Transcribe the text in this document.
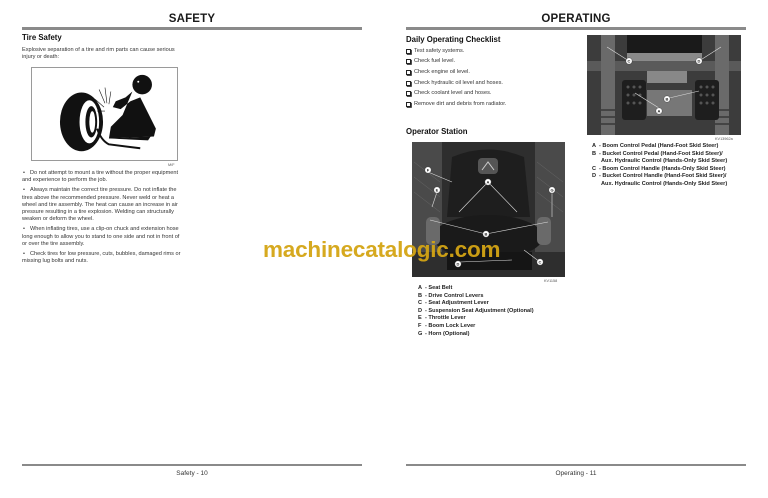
SAFETY
Tire Safety

Explosive separation of a tire and rim parts can cause serious injury or death:

M/F
• Do not attempt to mount a tire without the proper equipment and experience to perform the job.
• Always maintain the correct tire pressure. Do not inflate the tires above the recommended pressure. Never weld or heat a wheel and tire assembly. The heat can cause an increase in air pressure resulting in a tire explosion. Welding can structurally weaken or deform the wheel.
• When inflating tires, use a clip-on chuck and extension hose long enough to allow you to stand to one side and not in front of or over the tire assembly.
• Check tires for low pressure, cuts, bubbles, damaged rims or missing lug bolts and nuts.
Safety - 10
OPERATING
Daily Operating Checklist
Test safety systems.
Check fuel level.
Check engine oil level.
Check hydraulic oil level and hoses.
Check coolant level and hoses.
Remove dirt and debris from radiator.
Operator Station
A
B
C
D
E
F
G
KV1158
A - Seat Belt
B - Drive Control Levers
C - Seat Adjustment Lever
D - Suspension Seat Adjustment (Optional)
E - Throttle Lever
F - Boom Lock Lever
G - Horn (Optional)
A
B
C	D
KV13962a
A - Boom Control Pedal (Hand-Foot Skid Steer)
B - Bucket Control Pedal (Hand-Foot Skid Steer)/
Aux. Hydraulic Control (Hands-Only Skid Steer)
C - Boom Control Handle (Hands-Only Skid Steer)
D - Bucket Control Handle (Hand-Foot Skid Steer)/
Aux. Hydraulic Control (Hands-Only Skid Steer)
Operating - 11
machinecatalogic.com
